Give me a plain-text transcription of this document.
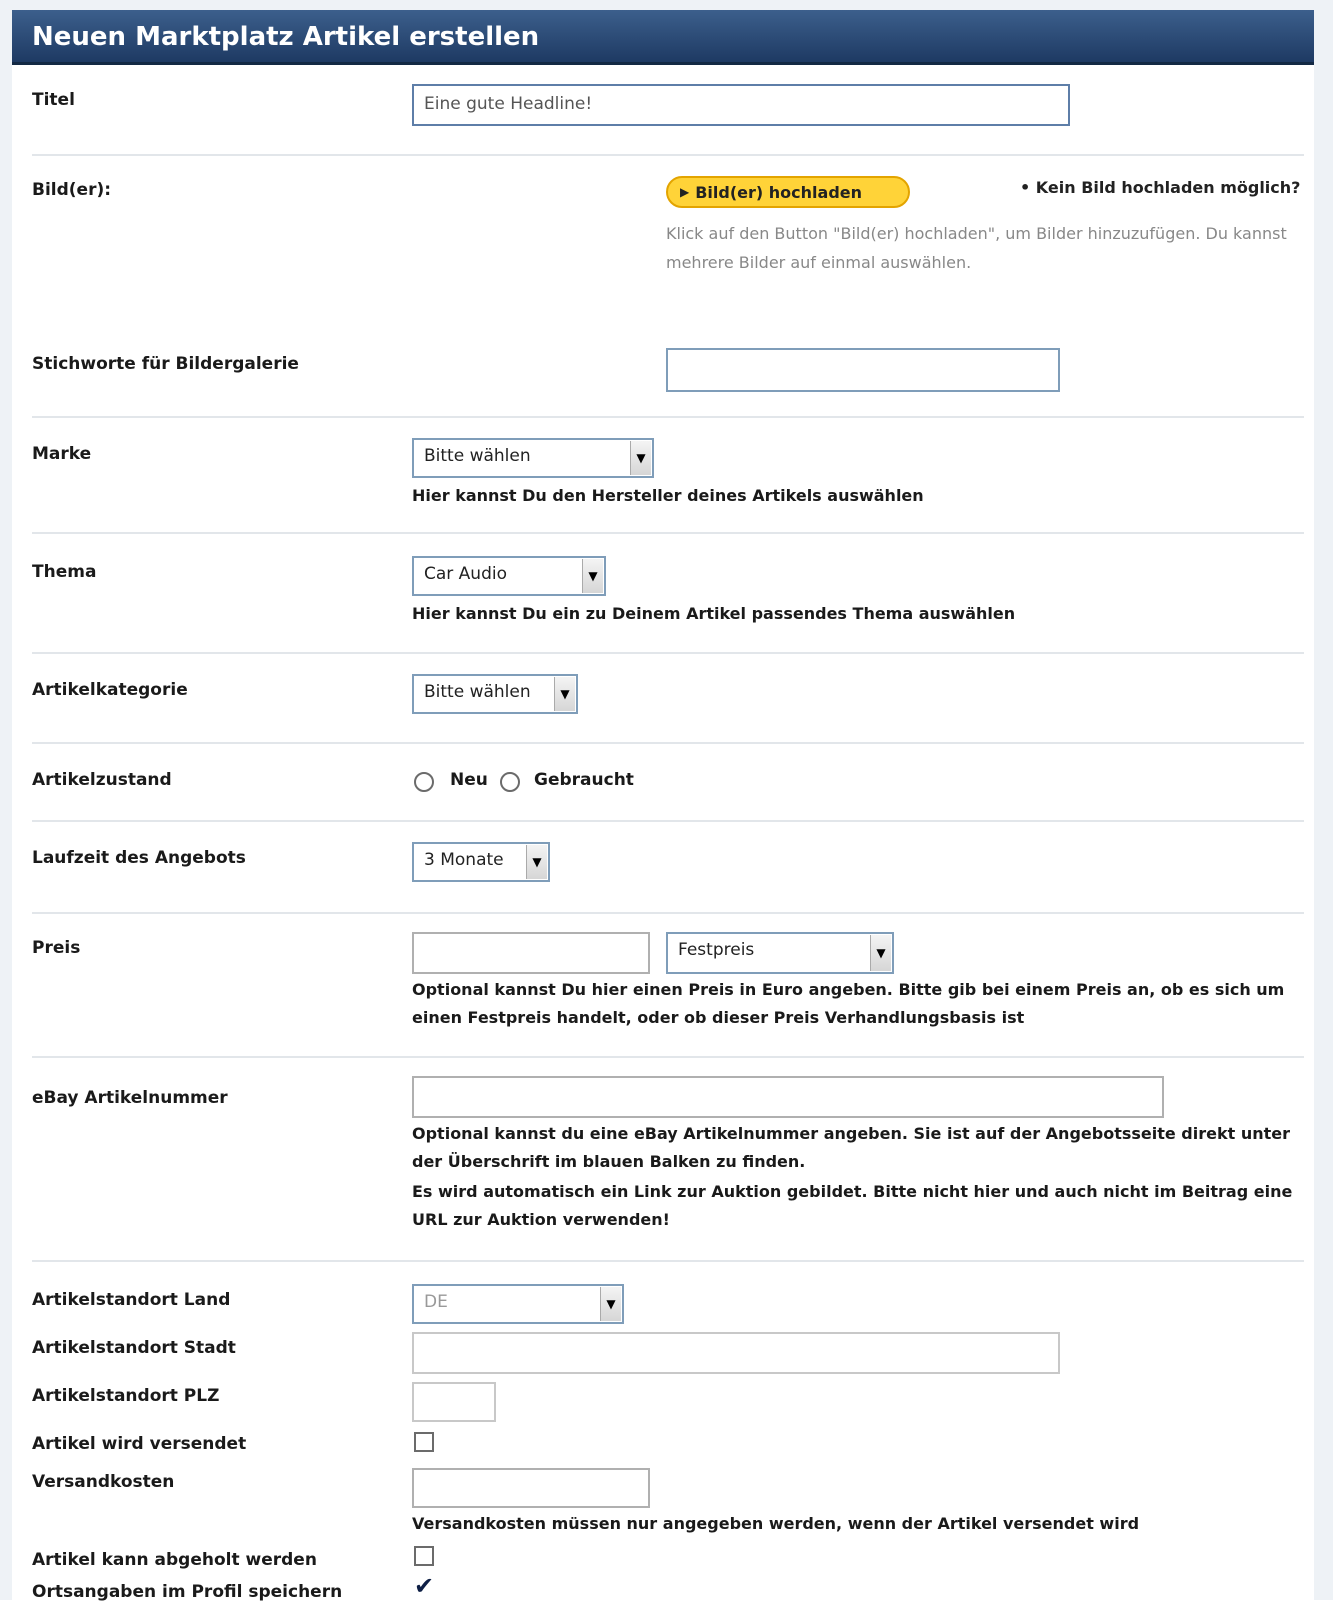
Neuen Marktplatz Artikel erstellen
Titel	Eine gute Headline!
Bild(er):	▶ Bild(er) hochladen	• Kein Bild hochladen möglich?
Klick auf den Button "Bild(er) hochladen", um Bilder hinzuzufügen. Du kannst mehrere Bilder auf einmal auswählen.
Stichworte für Bildergalerie
Marke	Bitte wählen	▼
Hier kannst Du den Hersteller deines Artikels auswählen
Thema	Car Audio	▼
Hier kannst Du ein zu Deinem Artikel passendes Thema auswählen
Artikelkategorie	Bitte wählen	▼
Artikelzustand	Neu	Gebraucht
Laufzeit des Angebots	3 Monate	▼
Preis	Festpreis	▼
Optional kannst Du hier einen Preis in Euro angeben. Bitte gib bei einem Preis an, ob es sich um einen Festpreis handelt, oder ob dieser Preis Verhandlungsbasis ist
eBay Artikelnummer
Optional kannst du eine eBay Artikelnummer angeben. Sie ist auf der Angebotsseite direkt unter der Überschrift im blauen Balken zu finden.
Es wird automatisch ein Link zur Auktion gebildet. Bitte nicht hier und auch nicht im Beitrag eine URL zur Auktion verwenden!
Artikelstandort Land	DE	▼
Artikelstandort Stadt
Artikelstandort PLZ
Artikel wird versendet
Versandkosten
Versandkosten müssen nur angegeben werden, wenn der Artikel versendet wird
Artikel kann abgeholt werden
Ortsangaben im Profil speichern	✔
